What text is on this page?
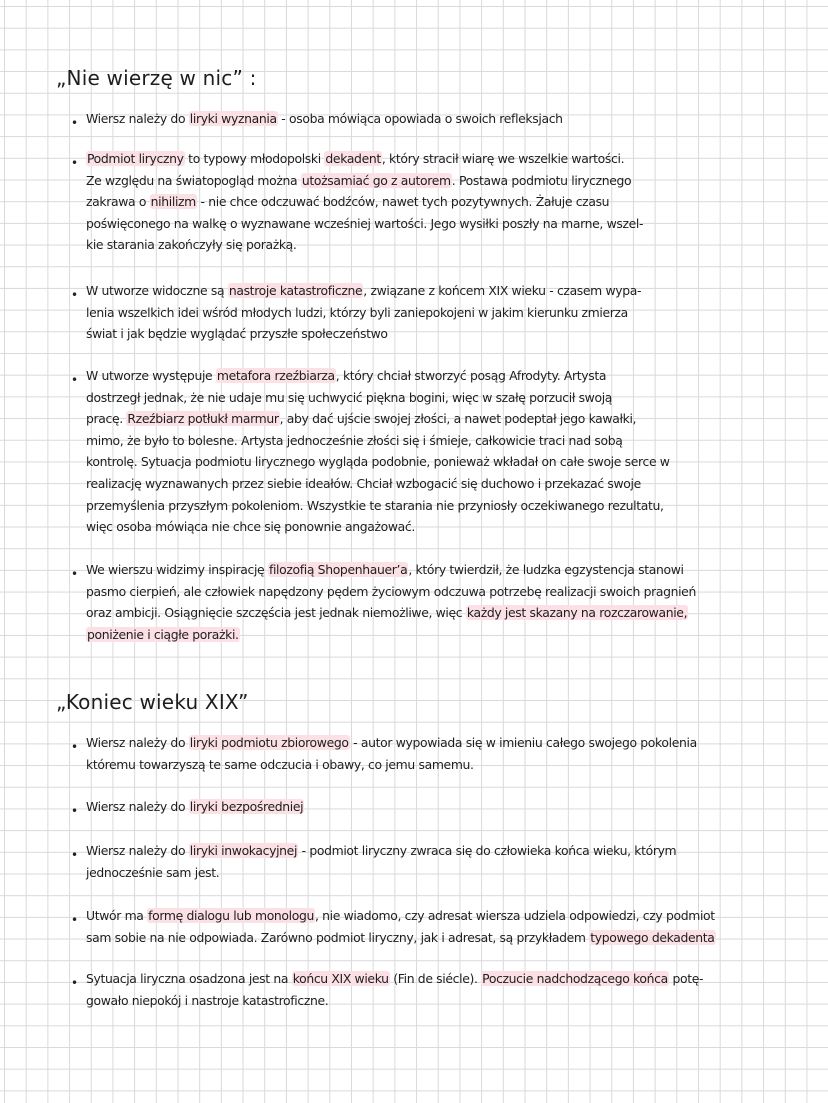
„Nie wierzę w nic” :
• Wiersz należy do liryki wyznania - osoba mówiąca opowiada o swoich refleksjach
• Podmiot liryczny to typowy młodopolski dekadent, który stracił wiarę we wszelkie wartości.
Ze względu na światopogląd można utożsamiać go z autorem. Postawa podmiotu lirycznego
zakrawa o nihilizm - nie chce odczuwać bodźców, nawet tych pozytywnych. Żałuje czasu
poświęconego na walkę o wyznawane wcześniej wartości. Jego wysiłki poszły na marne, wszel-
kie starania zakończyły się porażką.
• W utworze widoczne są nastroje katastroficzne, związane z końcem XIX wieku - czasem wypa-
lenia wszelkich idei wśród młodych ludzi, którzy byli zaniepokojeni w jakim kierunku zmierza
świat i jak będzie wyglądać przyszłe społeczeństwo
• W utworze występuje metafora rzeźbiarza, który chciał stworzyć posąg Afrodyty. Artysta
dostrzegł jednak, że nie udaje mu się uchwycić piękna bogini, więc w szałę porzucił swoją
pracę. Rzeźbiarz potłukł marmur, aby dać ujście swojej złości, a nawet podeptał jego kawałki,
mimo, że było to bolesne. Artysta jednocześnie złości się i śmieje, całkowicie traci nad sobą
kontrolę. Sytuacja podmiotu lirycznego wygląda podobnie, ponieważ wkładał on całe swoje serce w
realizację wyznawanych przez siebie ideałów. Chciał wzbogacić się duchowo i przekazać swoje
przemyślenia przyszłym pokoleniom. Wszystkie te starania nie przyniosły oczekiwanego rezultatu,
więc osoba mówiąca nie chce się ponownie angażować.
• We wierszu widzimy inspirację filozofią Shopenhauer’a, który twierdził, że ludzka egzystencja stanowi
pasmo cierpień, ale człowiek napędzony pędem życiowym odczuwa potrzebę realizacji swoich pragnień
oraz ambicji. Osiągnięcie szczęścia jest jednak niemożliwe, więc każdy jest skazany na rozczarowanie,
poniżenie i ciągłe porażki.
„Koniec wieku XIX”
• Wiersz należy do liryki podmiotu zbiorowego - autor wypowiada się w imieniu całego swojego pokolenia
któremu towarzyszą te same odczucia i obawy, co jemu samemu.
• Wiersz należy do liryki bezpośredniej
• Wiersz należy do liryki inwokacyjnej - podmiot liryczny zwraca się do człowieka końca wieku, którym
jednocześnie sam jest.
• Utwór ma formę dialogu lub monologu, nie wiadomo, czy adresat wiersza udziela odpowiedzi, czy podmiot
sam sobie na nie odpowiada. Zarówno podmiot liryczny, jak i adresat, są przykładem typowego dekadenta
• Sytuacja liryczna osadzona jest na końcu XIX wieku (Fin de siécle). Poczucie nadchodzącego końca potę-
gowało niepokój i nastroje katastroficzne.
